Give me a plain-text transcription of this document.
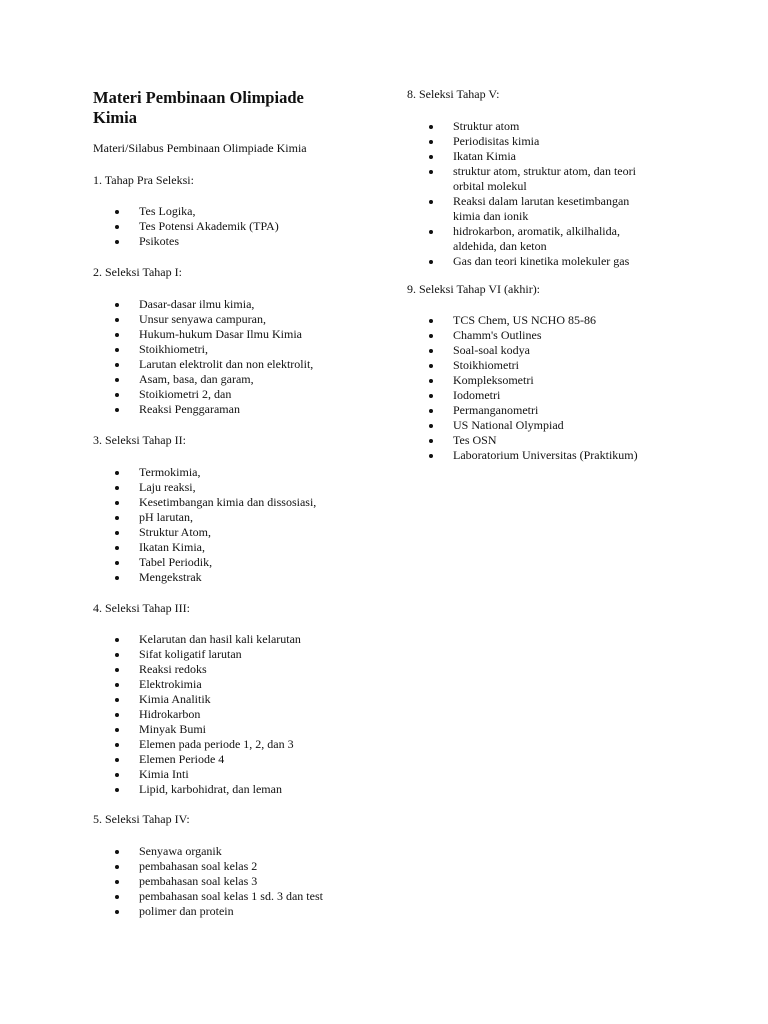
Materi Pembinaan Olimpiade Kimia

Materi/Silabus Pembinaan Olimpiade Kimia

1. Tahap Pra Seleksi:

Tes Logika,
Tes Potensi Akademik (TPA)
Psikotes

2. Seleksi Tahap I:

Dasar-dasar ilmu kimia,
Unsur senyawa campuran,
Hukum-hukum Dasar Ilmu Kimia
Stoikhiometri,
Larutan elektrolit dan non elektrolit,
Asam, basa, dan garam,
Stoikiometri 2, dan
Reaksi Penggaraman

3. Seleksi Tahap II:

Termokimia,
Laju reaksi,
Kesetimbangan kimia dan dissosiasi,
pH larutan,
Struktur Atom,
Ikatan Kimia,
Tabel Periodik,
Mengekstrak

4. Seleksi Tahap III:

Kelarutan dan hasil kali kelarutan
Sifat koligatif larutan
Reaksi redoks
Elektrokimia
Kimia Analitik
Hidrokarbon
Minyak Bumi
Elemen pada periode 1, 2, dan 3
Elemen Periode 4
Kimia Inti
Lipid, karbohidrat, dan leman

5. Seleksi Tahap IV:

Senyawa organik
pembahasan soal kelas 2
pembahasan soal kelas 3
pembahasan soal kelas 1 sd. 3 dan test
polimer dan protein

8. Seleksi Tahap V:

Struktur atom
Periodisitas kimia
Ikatan Kimia
struktur atom, struktur atom, dan teori orbital molekul
Reaksi dalam larutan kesetimbangan kimia dan ionik
hidrokarbon, aromatik, alkilhalida, aldehida, dan keton
Gas dan teori kinetika molekuler gas

9. Seleksi Tahap VI (akhir):

TCS Chem, US NCHO 85-86
Chamm's Outlines
Soal-soal kodya
Stoikhiometri
Kompleksometri
Iodometri
Permanganometri
US National Olympiad
Tes OSN
Laboratorium Universitas (Praktikum)
